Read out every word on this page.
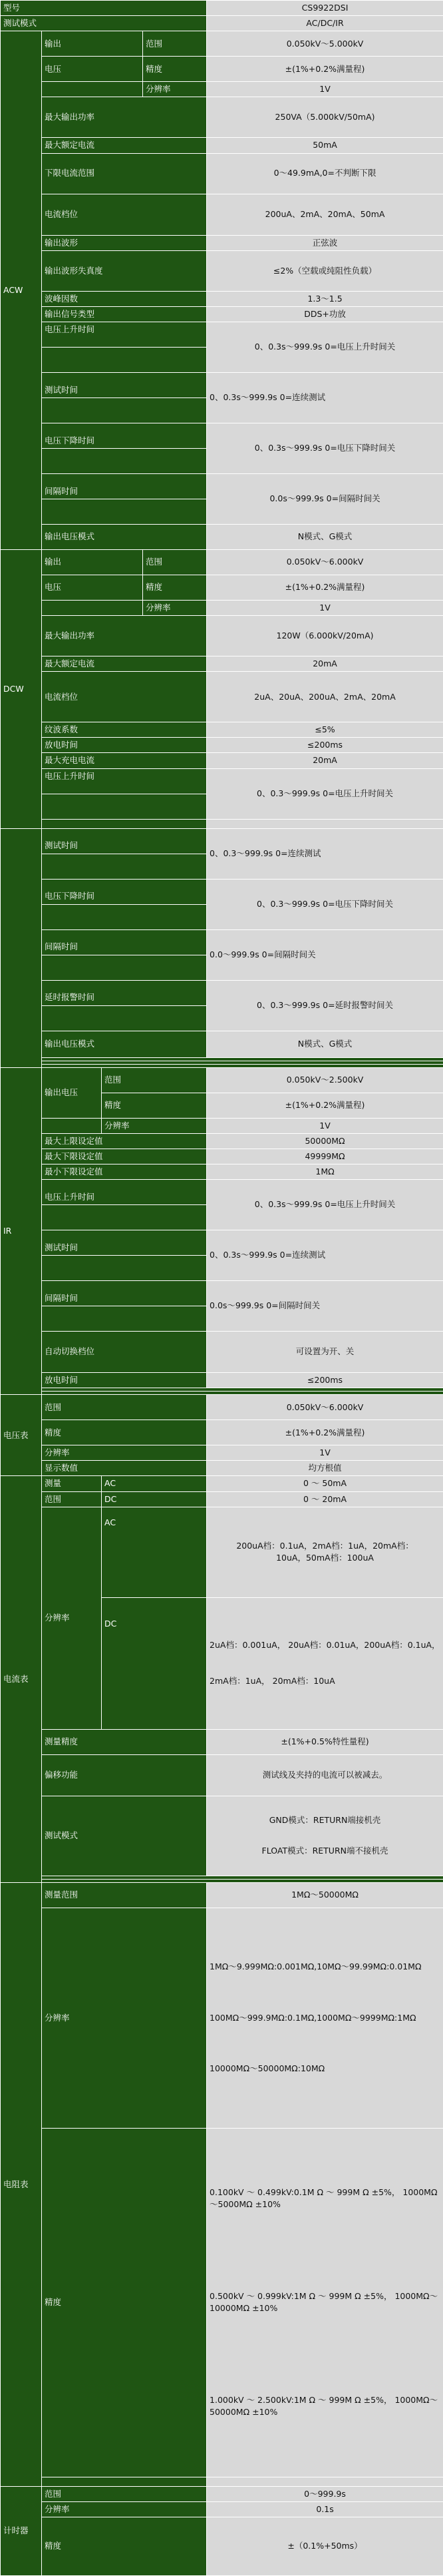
型号				CS9922DSI
测试模式				AC/DC/IR
ACW	输出		范围	0.050kV～5.000kV
	电压		精度	±(1%+0.2%满量程)
			分辨率	1V
	最大输出功率			250VA（5.000kV/50mA)
	最大额定电流			50mA
	下限电流范围			0～49.9mA,0=不判断下限
	电流档位			200uA、2mA、20mA、50mA
	输出波形			正弦波
	输出波形失真度			≤2%（空载或纯阻性负载）
	波峰因数			1.3～1.5
	输出信号类型			DDS+功放
	电压上升时间			0、0.3s～999.9s 0=电压上升时间关

	测试时间			0、0.3s～999.9s 0=连续测试

	电压下降时间			0、0.3s～999.9s 0=电压下降时间关

	间隔时间			0.0s～999.9s 0=间隔时间关

	输出电压模式			N模式、G模式
DCW	输出		范围	0.050kV～6.000kV
	电压		精度	±(1%+0.2%满量程)
			分辨率	1V
	最大输出功率			120W（6.000kV/20mA)
	最大额定电流			20mA
	电流档位			2uA、20uA、200uA、2mA、20mA
	纹波系数			≤5%
	放电时间			≤200ms
	最大充电电流			20mA
	电压上升时间			0、0.3～999.9s 0=电压上升时间关

	测试时间			0、0.3～999.9s 0=连续测试

	电压下降时间			0、0.3～999.9s 0=电压下降时间关

	间隔时间			0.0～999.9s 0=间隔时间关

	延时报警时间			0、0.3～999.9s 0=延时报警时间关

	输出电压模式			N模式、G模式

IR	输出电压	范围		0.050kV～2.500kV
		精度		±(1%+0.2%满量程)
		分辨率		1V
	最大上限设定值			50000MΩ
	最大下限设定值			49999MΩ
	最小下限设定值			1MΩ
	电压上升时间			0、0.3s～999.9s 0=电压上升时间关

	测试时间			0、0.3s～999.9s 0=连续测试

	间隔时间			0.0s～999.9s 0=间隔时间关

	自动切换档位			可设置为开、关
	放电时间			≤200ms

电压表	范围			0.050kV～6.000kV
	精度			±(1%+0.2%满量程)
	分辨率			1V
	显示数值			均方根值
电流表	测量	AC		0 ～ 50mA
	范围	DC		0 ～ 20mA
	分辨率	AC		200uA档：0.1uA，2mA档：1uA，20mA档：
10uA，50mA档：100uA

		DC		2uA档：0.001uA， 20uA档：0.01uA，200uA档：0.1uA，
2mA档：1uA， 20mA档：10uA

	测量精度			±(1%+0.5%特性量程)
	偏移功能			测试线及夹持的电流可以被减去。
	测试模式			GND模式：RETURN端接机壳
FLOAT模式：RETURN端不接机壳

电阻表	测量范围			1MΩ～50000MΩ
	分辨率			1MΩ～9.999MΩ:0.001MΩ,10MΩ～99.99MΩ:0.01MΩ
100MΩ～999.9MΩ:0.1MΩ,1000MΩ～9999MΩ:1MΩ
10000MΩ～50000MΩ:10MΩ

	精度			0.100kV ～ 0.499kV:0.1M Ω ～ 999M Ω ±5%， 1000MΩ～5000MΩ ±10%
0.500kV ～ 0.999kV:1M Ω ～ 999M Ω ±5%， 1000MΩ～10000MΩ ±10%
1.000kV ～ 2.500kV:1M Ω ～ 999M Ω ±5%， 1000MΩ～50000MΩ ±10%

计时器	范围			0～999.9s
	分辨率			0.1s
	精度			±（0.1%+50ms）
